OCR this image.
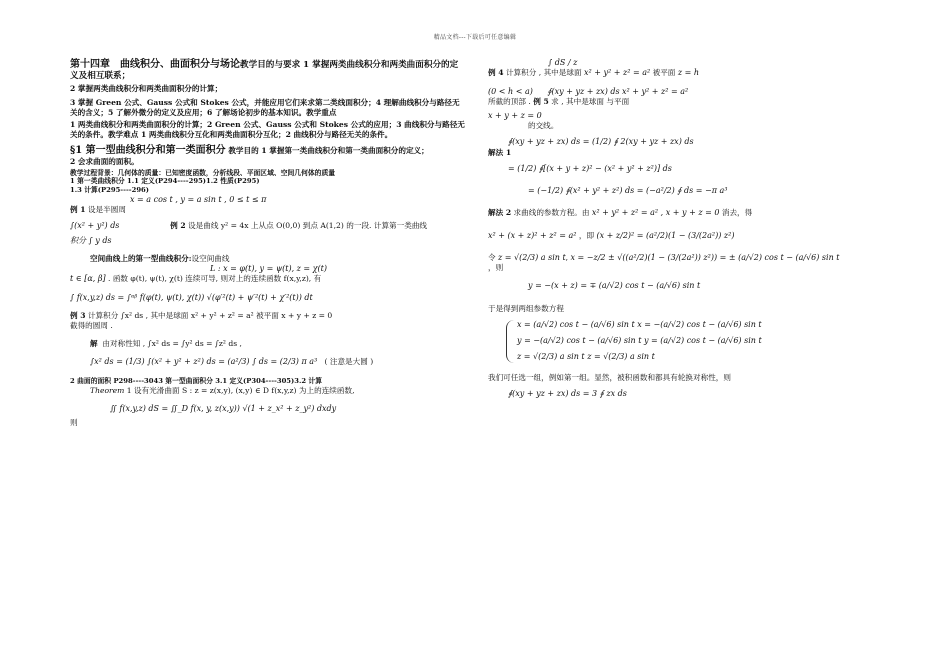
精品文档---下载后可任意编辑
第十四章　曲线积分、曲面积分与场论教学目的与要求 1 掌握两类曲线积分和两类曲面积分的定义及相互联系；
2 掌握两类曲线积分和两类曲面积分的计算；
3 掌握 Green 公式、Gauss 公式和 Stokes 公式，并能应用它们来求第二类线面积分；4 理解曲线积分与路径无关的含义；5 了解外微分的定义及应用；6 了解场论初步的基本知识。教学重点
1 两类曲线积分和两类曲面积分的计算；2 Green 公式、Gauss 公式和 Stokes 公式的应用；3 曲线积分与路径无关的条件。教学难点 1 两类曲线积分互化和两类曲面积分互化；2 曲线积分与路径无关的条件。
§1 第一型曲线积分和第一类面积分 教学目的 1 掌握第一类曲线积分和第一类曲面积分的定义；
2 会求曲面的面积。
教学过程背景：几何体的质量：已知密度函数，分析线段、平面区域、空间几何体的质量
1 第一类曲线积分 1.1 定义(P294----295)1.2 性质(P295)
1.3 计算(P295----296)
x = a cos t , y = a sin t , 0 ≤ t ≤ π
例 1 设是半圆周
∫(x² + y²) ds	例 2 设是曲线 y² = 4x 上从点 O(0,0) 到点 A(1,2) 的一段. 计算第一类曲线
积分 ∫ y ds
空间曲线上的第一型曲线积分:设空间曲线
L : x = φ(t), y = ψ(t), z = χ(t)
t ∈ [α, β] . 函数 φ(t), ψ(t), χ(t) 连续可导, 则对上的连续函数 f(x,y,z), 有
∫ f(x,y,z) ds = ∫ᵅᵝ f(φ(t), ψ(t), χ(t)) √(φ′²(t) + ψ′²(t) + χ′²(t)) dt
例 3 计算积分 ∫x² ds , 其中是球面 x² + y² + z² = a² 被平面 x + y + z = 0
截得的圆周 .
解 由对称性知 , ∫x² ds = ∫y² ds = ∫z² ds ,
∫x² ds = (1/3) ∫(x² + y² + z²) ds = (a²/3) ∫ ds = (2/3) π a³ ( 注意是大圆 )
2 曲面的面积 P298----3043 第一型曲面积分 3.1 定义(P304----305)3.2 计算
Theorem 1 设有光滑曲面 S : z = z(x,y), (x,y) ∈ D f(x,y,z) 为上的连续函数,
∬ f(x,y,z) dS = ∬_D f(x, y, z(x,y)) √(1 + z_x² + z_y²) dxdy
则
∫ dS / z
例 4 计算积分 , 其中是球面 x² + y² + z² = a² 被平面 z = h
(0 < h < a) ∮(xy + yz + zx) ds x² + y² + z² = a²
所截的顶部 . 例 5 求 , 其中是球面 与平面
x + y + z = 0
的交线。
∮(xy + yz + zx) ds = (1/2) ∮ 2(xy + yz + zx) ds
解法 1
= (1/2) ∮[(x + y + z)² − (x² + y² + z²)] ds
= (−1/2) ∮(x² + y² + z²) ds = (−a²/2) ∮ ds = −π a³
解法 2 求曲线的参数方程。由 x² + y² + z² = a² , x + y + z = 0 消去，得
x² + (x + z)² + z² = a² ，即 (x + z/2)² = (a²/2)(1 − (3/(2a²)) z²)
令 z = √(2/3) a sin t, x = −z/2 ± √((a²/2)(1 − (3/(2a²)) z²)) = ± (a/√2) cos t − (a/√6) sin t
，则
y = −(x + z) = ∓ (a/√2) cos t − (a/√6) sin t
于是得到两组参数方程
x = (a/√2) cos t − (a/√6) sin t x = −(a/√2) cos t − (a/√6) sin t
y = −(a/√2) cos t − (a/√6) sin t y = (a/√2) cos t − (a/√6) sin t
z = √(2/3) a sin t z = √(2/3) a sin t
我们可任选一组，例如第一组。显然，被积函数和都具有轮换对称性，则
∮(xy + yz + zx) ds = 3 ∮ zx ds
